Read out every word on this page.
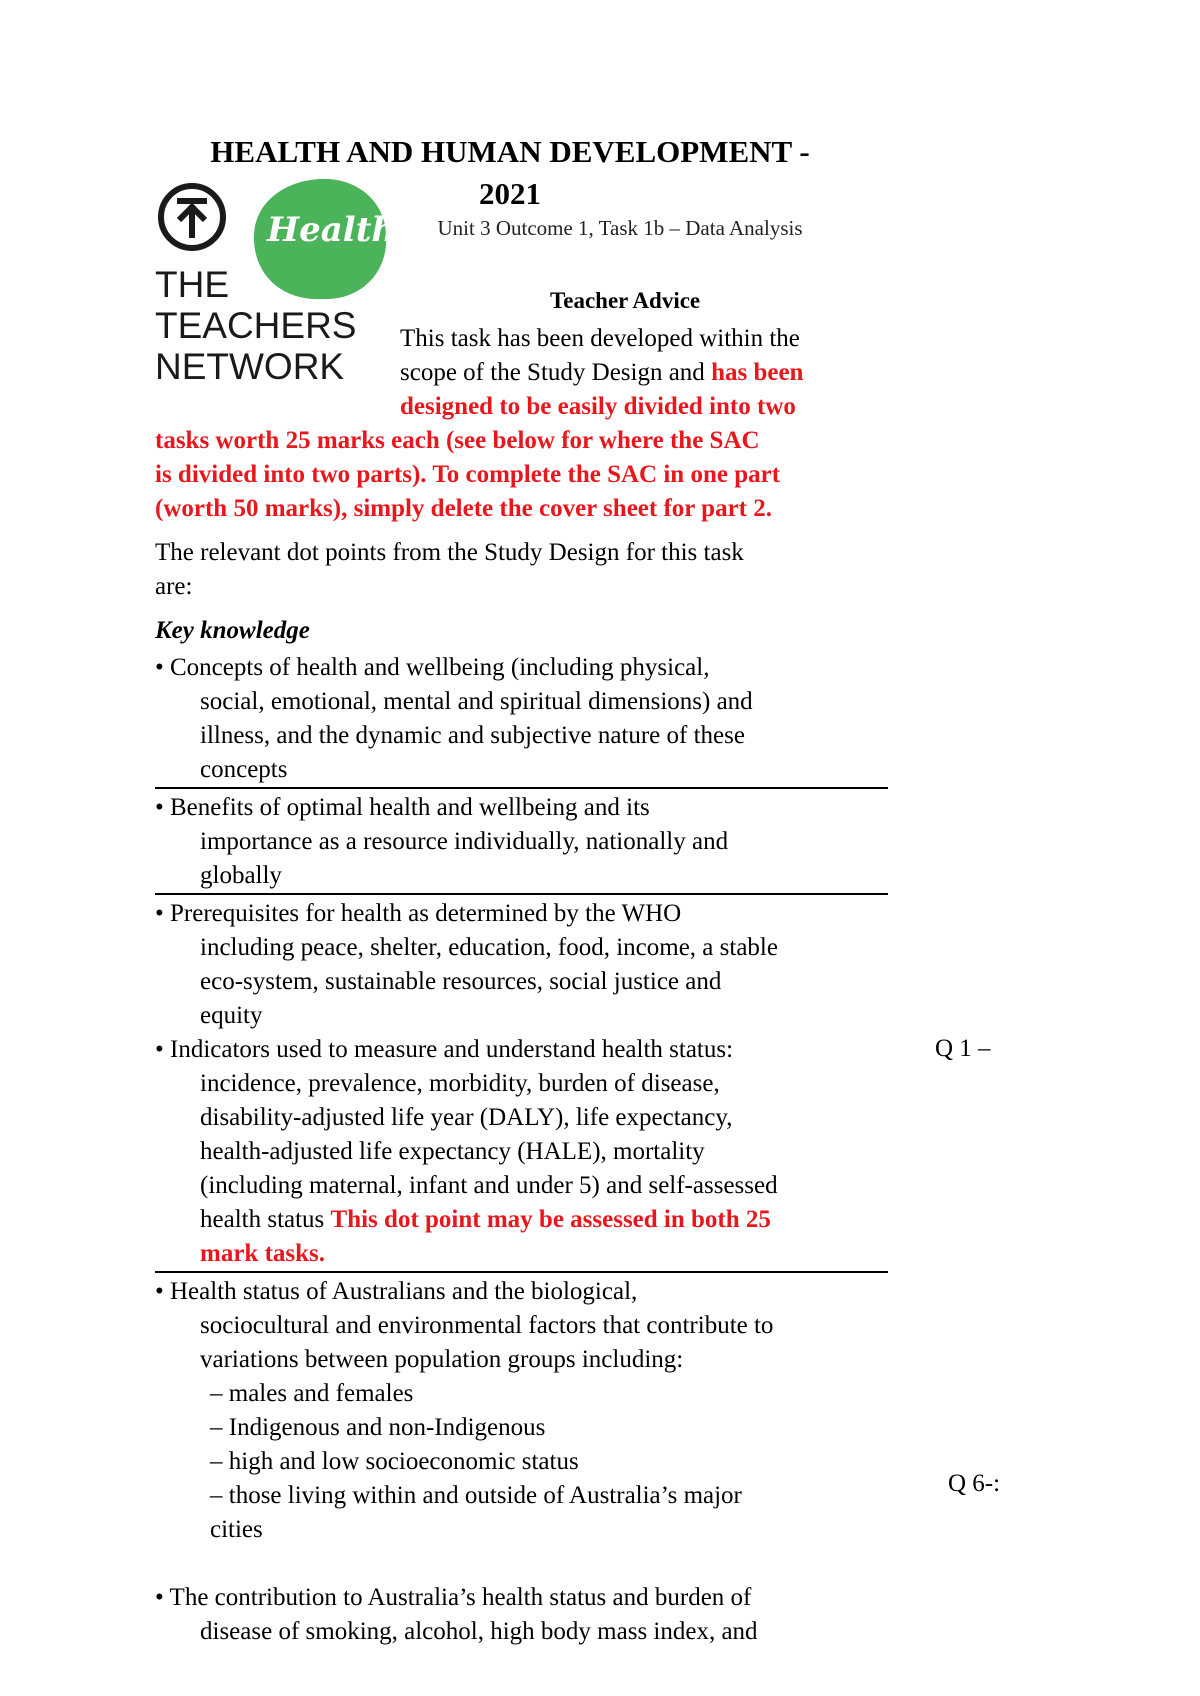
HEALTH AND HUMAN DEVELOPMENT -
2021
Unit 3 Outcome 1, Task 1b – Data Analysis
Health
THE
TEACHERS
NETWORK
Teacher Advice
This task has been developed within the
scope of the Study Design and has been
designed to be easily divided into two
tasks worth 25 marks each (see below for where the SAC
is divided into two parts). To complete the SAC in one part
(worth 50 marks), simply delete the cover sheet for part 2.
The relevant dot points from the Study Design for this task
are:
Key knowledge
• Concepts of health and wellbeing (including physical,
social, emotional, mental and spiritual dimensions) and
illness, and the dynamic and subjective nature of these
concepts
• Benefits of optimal health and wellbeing and its
importance as a resource individually, nationally and
globally
• Prerequisites for health as determined by the WHO
including peace, shelter, education, food, income, a stable
eco-system, sustainable resources, social justice and
equity
• Indicators used to measure and understand health status:
incidence, prevalence, morbidity, burden of disease,
disability-adjusted life year (DALY), life expectancy,
health-adjusted life expectancy (HALE), mortality
(including maternal, infant and under 5) and self-assessed
health status This dot point may be assessed in both 25
mark tasks.
• Health status of Australians and the biological,
sociocultural and environmental factors that contribute to
variations between population groups including:
– males and females
– Indigenous and non-Indigenous
– high and low socioeconomic status
– those living within and outside of Australia’s major
cities
• The contribution to Australia’s health status and burden of
disease of smoking, alcohol, high body mass index, and
Q 1 –
Q 6-:
